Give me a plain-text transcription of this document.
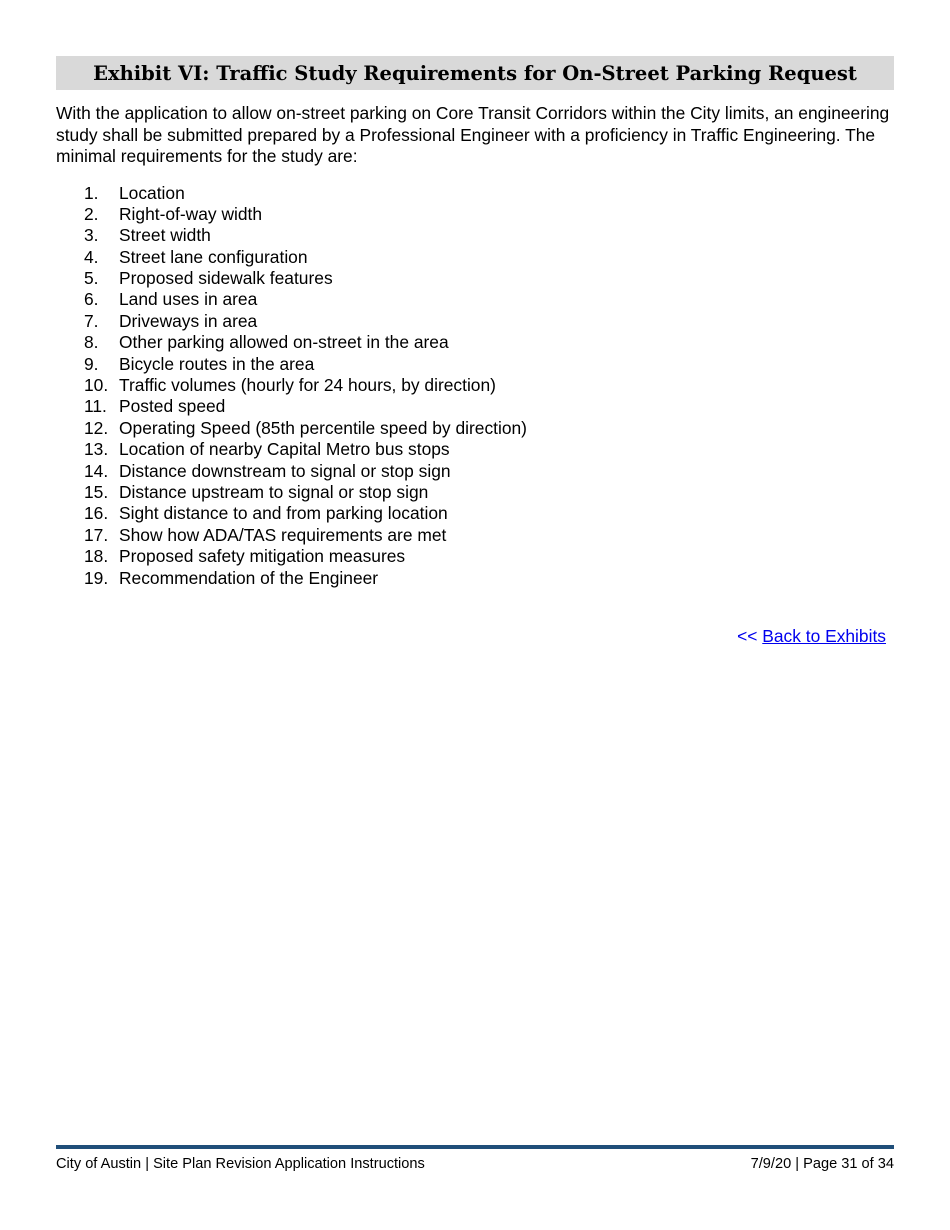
Exhibit VI: Traffic Study Requirements for On-Street Parking Request

With the application to allow on-street parking on Core Transit Corridors within the City limits, an engineering study shall be submitted prepared by a Professional Engineer with a proficiency in Traffic Engineering. The minimal requirements for the study are:

1.	Location
2.	Right-of-way width
3.	Street width
4.	Street lane configuration
5.	Proposed sidewalk features
6.	Land uses in area
7.	Driveways in area
8.	Other parking allowed on-street in the area
9.	Bicycle routes in the area
10. Traffic volumes (hourly for 24 hours, by direction)
11. Posted speed
12. Operating Speed (85th percentile speed by direction)
13. Location of nearby Capital Metro bus stops
14. Distance downstream to signal or stop sign
15. Distance upstream to signal or stop sign
16. Sight distance to and from parking location
17. Show how ADA/TAS requirements are met
18. Proposed safety mitigation measures
19. Recommendation of the Engineer
<< Back to Exhibits
City of Austin | Site Plan Revision Application Instructions	7/9/20 | Page 31 of 34
